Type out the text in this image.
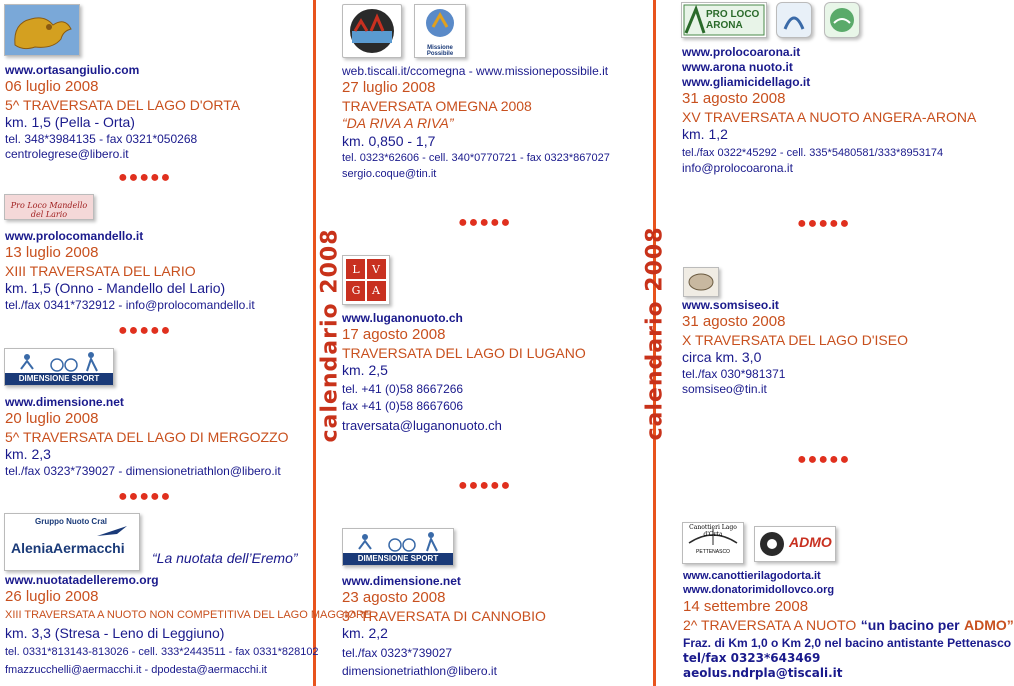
calendario 2008	calendario 2008
www.ortasangiulio.com
06 luglio 2008
5^ TRAVERSATA DEL LAGO D'ORTA
km. 1,5 (Pella - Orta)
tel. 348*3984135 - fax 0321*050268
centrolegrese@libero.it
●●●●●
Pro Loco Mandello del Lario
www.prolocomandello.it
13 luglio 2008
XIII TRAVERSATA DEL LARIO
km. 1,5 (Onno - Mandello del Lario)
tel./fax 0341*732912 - info@prolocomandello.it
●●●●●
DIMENSIONE SPORT
www.dimensione.net
20 luglio 2008
5^ TRAVERSATA DEL LAGO DI MERGOZZO
km. 2,3
tel./fax 0323*739027 - dimensionetriathlon@libero.it
●●●●●
Gruppo Nuoto Cral
AleniaAermacchi
“La nuotata dell’Eremo”
www.nuotatadelleremo.org
26 luglio 2008
XIII TRAVERSATA A NUOTO NON COMPETITIVA DEL LAGO MAGGIORE
km. 3,3 (Stresa - Leno di Leggiuno)
tel. 0331*813143-813026 - cell. 333*2443511 - fax 0331*828102
fmazzucchelli@aermacchi.it - dpodesta@aermacchi.it
Missione Possibile
web.tiscali.it/ccomegna - www.missionepossibile.it
27 luglio 2008
TRAVERSATA OMEGNA 2008
“DA RIVA A RIVA”
km. 0,850 - 1,7
tel. 0323*62606 - cell. 340*0770721 - fax 0323*867027
sergio.coque@tin.it
●●●●●
L	V
G	A
www.luganonuoto.ch
17 agosto 2008
TRAVERSATA DEL LAGO DI LUGANO
km. 2,5
tel. +41 (0)58 8667266
fax +41 (0)58 8667606
traversata@luganonuoto.ch
●●●●●
DIMENSIONE SPORT
www.dimensione.net
23 agosto 2008
3^ TRAVERSATA DI CANNOBIO
km. 2,2
tel./fax 0323*739027
dimensionetriathlon@libero.it
PRO LOCO ARONA
www.prolocoarona.it
www.arona nuoto.it
www.gliamicidellago.it
31 agosto 2008
XV TRAVERSATA A NUOTO ANGERA-ARONA
km. 1,2
tel./fax 0322*45292 - cell. 335*5480581/333*8953174
info@prolocoarona.it
●●●●●
www.somsiseo.it
31 agosto 2008
X TRAVERSATA DEL LAGO D'ISEO
circa km. 3,0
tel./fax 030*981371
somsiseo@tin.it
●●●●●
Canottieri Lago d'Orta
PETTENASCO
ADMO
www.canottierilagodorta.it
www.donatorimidollovco.org
14 settembre 2008
2^ TRAVERSATA A NUOTO “un bacino per ADMO”
Fraz. di Km 1,0 o Km 2,0 nel bacino antistante Pettenasco
tel/fax 0323*643469
aeolus.ndrpla@tiscali.it
